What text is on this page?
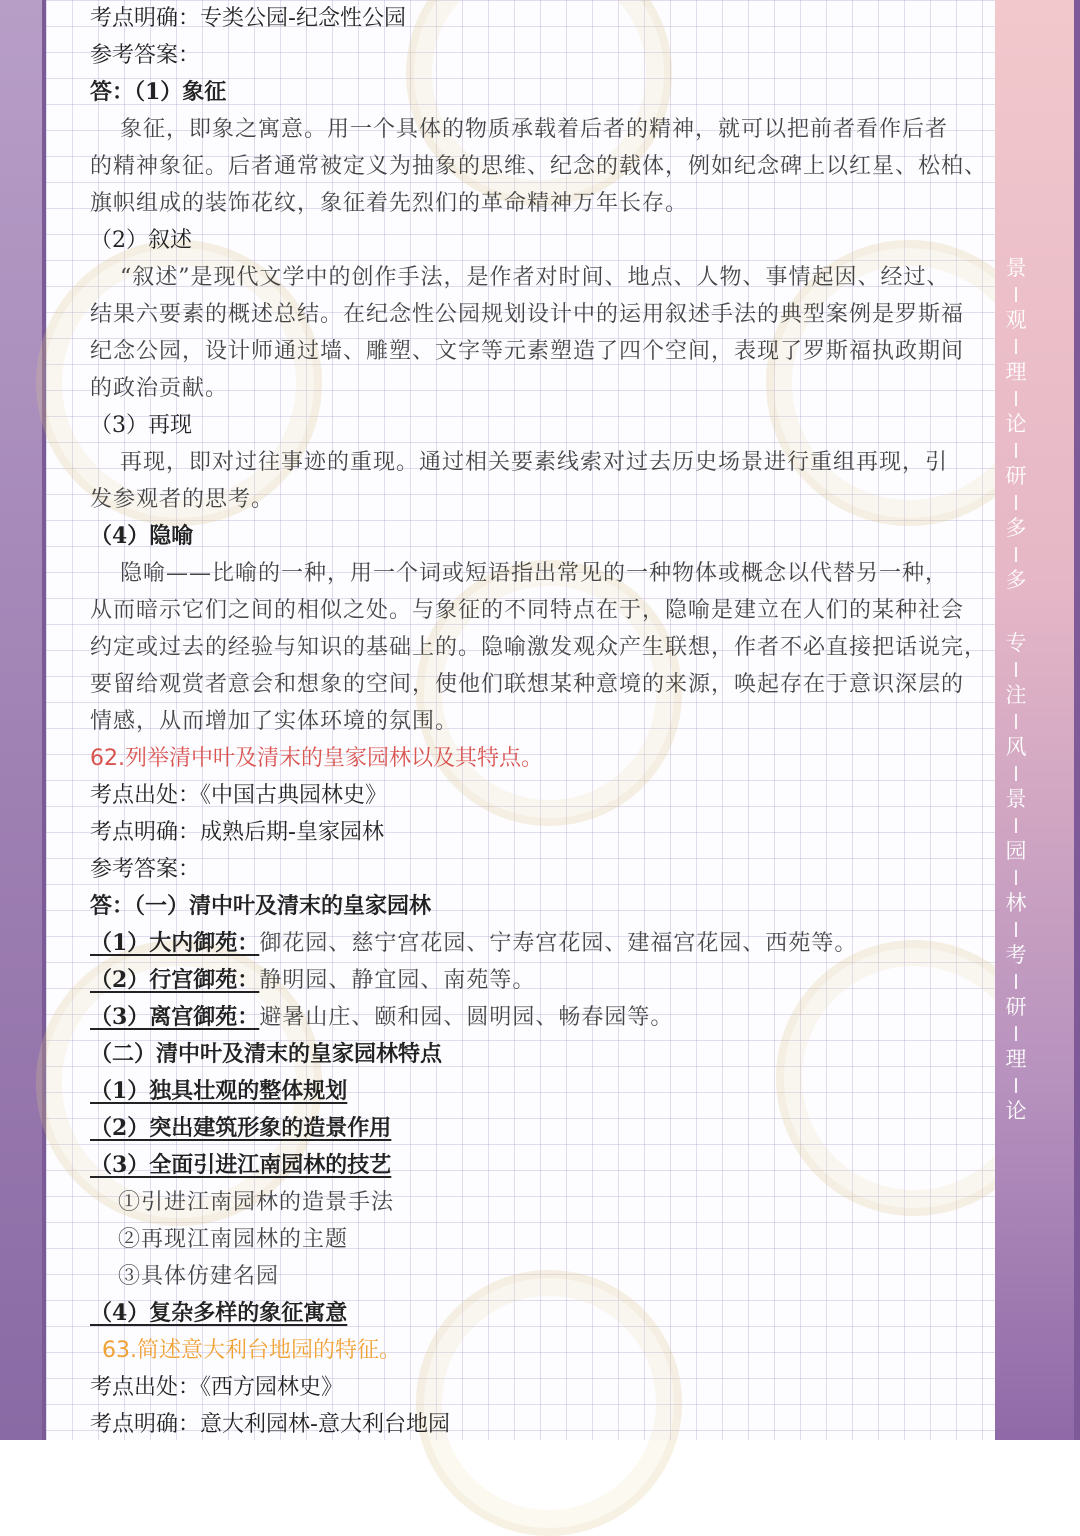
景
观
理
论
研
多
多
专
注
风
景
园
林
考
研
理
论
考点明确：专类公园-纪念性公园
参考答案：
答：（1）象征
象征，即象之寓意。用一个具体的物质承载着后者的精神，就可以把前者看作后者
的精神象征。后者通常被定义为抽象的思维、纪念的载体，例如纪念碑上以红星、松柏、
旗帜组成的装饰花纹，象征着先烈们的革命精神万年长存。
（2）叙述
“叙述”是现代文学中的创作手法，是作者对时间、地点、人物、事情起因、经过、
结果六要素的概述总结。在纪念性公园规划设计中的运用叙述手法的典型案例是罗斯福
纪念公园，设计师通过墙、雕塑、文字等元素塑造了四个空间，表现了罗斯福执政期间
的政治贡献。
（3）再现
再现，即对过往事迹的重现。通过相关要素线索对过去历史场景进行重组再现，引
发参观者的思考。
（4）隐喻
隐喻——比喻的一种，用一个词或短语指出常见的一种物体或概念以代替另一种，
从而暗示它们之间的相似之处。与象征的不同特点在于，隐喻是建立在人们的某种社会
约定或过去的经验与知识的基础上的。隐喻激发观众产生联想，作者不必直接把话说完，
要留给观赏者意会和想象的空间，使他们联想某种意境的来源，唤起存在于意识深层的
情感，从而增加了实体环境的氛围。
62.列举清中叶及清末的皇家园林以及其特点。
考点出处：《中国古典园林史》
考点明确：成熟后期-皇家园林
参考答案：
答：（一）清中叶及清末的皇家园林
（1）大内御苑：御花园、慈宁宫花园、宁寿宫花园、建福宫花园、西苑等。
（2）行宫御苑：静明园、静宜园、南苑等。
（3）离宫御苑：避暑山庄、颐和园、圆明园、畅春园等。
（二）清中叶及清末的皇家园林特点
（1）独具壮观的整体规划
（2）突出建筑形象的造景作用
（3）全面引进江南园林的技艺
①引进江南园林的造景手法
②再现江南园林的主题
③具体仿建名园
（4）复杂多样的象征寓意
63.简述意大利台地园的特征。
考点出处：《西方园林史》
考点明确：意大利园林-意大利台地园
